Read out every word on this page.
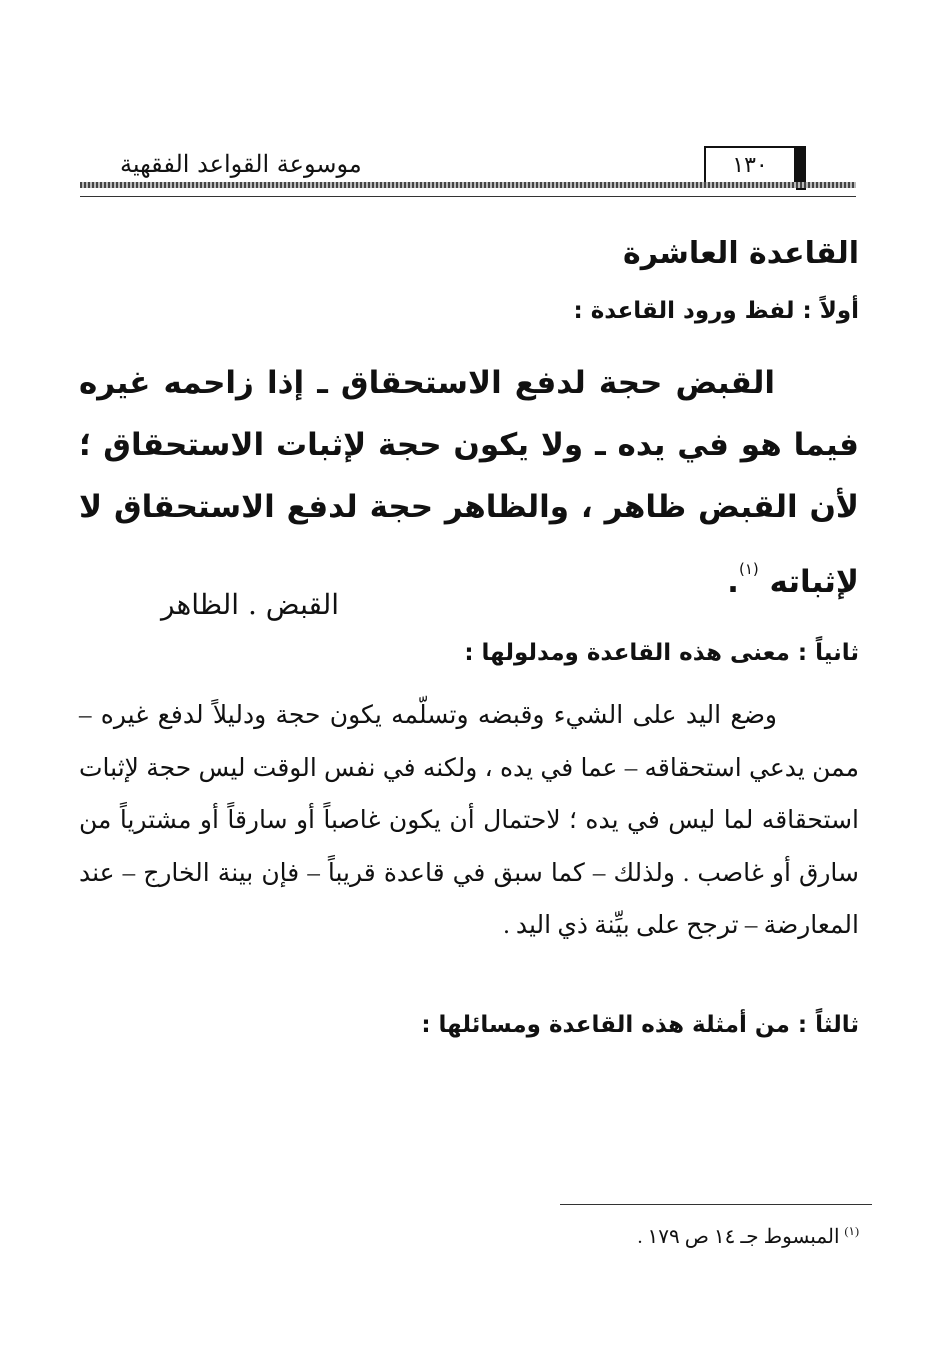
موسوعة القواعد الفقهية	١٣٠
القاعدة العاشرة
أولاً : لفظ ورود القاعدة :
القبض حجة لدفع الاستحقاق ـ إذا زاحمه غيره فيما هو في يده ـ ولا يكون حجة لإثبات الاستحقاق ؛ لأن القبض ظاهر ، والظاهر حجة لدفع الاستحقاق لا لإثباته $^{(١)}$.
القبض . الظاهر
ثانياً : معنى هذه القاعدة ومدلولها :
وضع اليد على الشيء وقبضه وتسلّمه يكون حجة ودليلاً لدفع غيره – ممن يدعي استحقاقه – عما في يده ، ولكنه في نفس الوقت ليس حجة لإثبات استحقاقه لما ليس في يده ؛ لاحتمال أن يكون غاصباً أو سارقاً أو مشترياً من سارق أو غاصب . ولذلك – كما سبق في قاعدة قريباً – فإن بينة الخارج – عند المعارضة – ترجح على بيِّنة ذي اليد .
ثالثاً : من أمثلة هذه القاعدة ومسائلها :
$^{(١)}$ المبسوط جـ ١٤ ص ١٧٩ .
